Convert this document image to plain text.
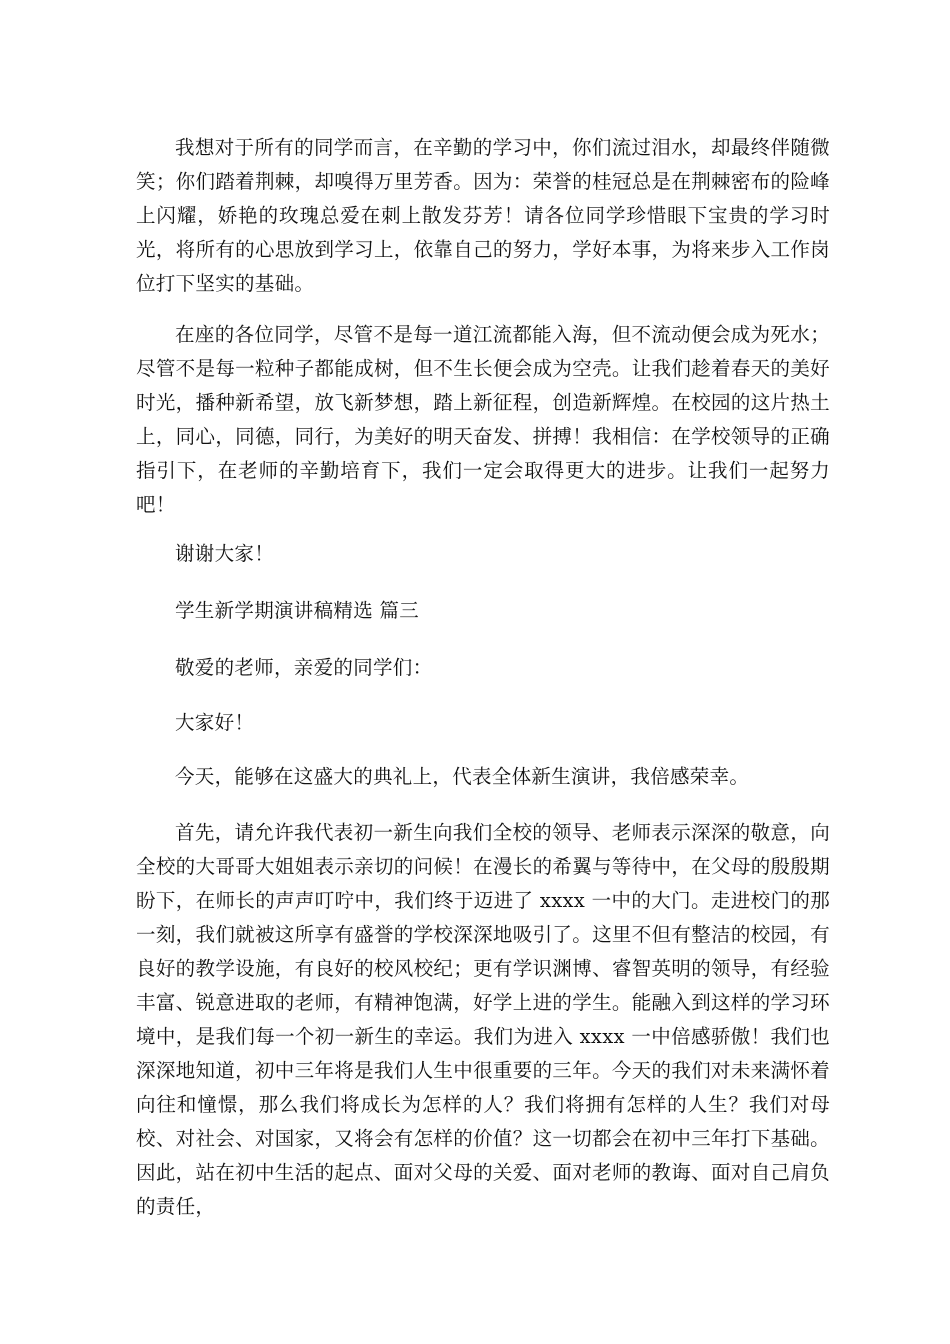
我想对于所有的同学而言，在辛勤的学习中，你们流过泪水，却最终伴随微笑；你们踏着荆棘，却嗅得万里芳香。因为：荣誉的桂冠总是在荆棘密布的险峰上闪耀，娇艳的玫瑰总爱在刺上散发芬芳！请各位同学珍惜眼下宝贵的学习时光，将所有的心思放到学习上，依靠自己的努力，学好本事，为将来步入工作岗位打下坚实的基础。

在座的各位同学，尽管不是每一道江流都能入海，但不流动便会成为死水；尽管不是每一粒种子都能成树，但不生长便会成为空壳。让我们趁着春天的美好时光，播种新希望，放飞新梦想，踏上新征程，创造新辉煌。在校园的这片热土上，同心，同德，同行，为美好的明天奋发、拼搏！我相信：在学校领导的正确指引下，在老师的辛勤培育下，我们一定会取得更大的进步。让我们一起努力吧！

谢谢大家！

学生新学期演讲稿精选 篇三

敬爱的老师，亲爱的同学们：

大家好！

今天，能够在这盛大的典礼上，代表全体新生演讲，我倍感荣幸。

首先，请允许我代表初一新生向我们全校的领导、老师表示深深的敬意，向全校的大哥哥大姐姐表示亲切的问候！在漫长的希翼与等待中，在父母的殷殷期盼下，在师长的声声叮咛中，我们终于迈进了 xxxx 一中的大门。走进校门的那一刻，我们就被这所享有盛誉的学校深深地吸引了。这里不但有整洁的校园，有良好的教学设施，有良好的校风校纪；更有学识渊博、睿智英明的领导，有经验丰富、锐意进取的老师，有精神饱满，好学上进的学生。能融入到这样的学习环境中，是我们每一个初一新生的幸运。我们为进入 xxxx 一中倍感骄傲！我们也深深地知道，初中三年将是我们人生中很重要的三年。今天的我们对未来满怀着向往和憧憬，那么我们将成长为怎样的人？我们将拥有怎样的人生？我们对母校、对社会、对国家，又将会有怎样的价值？这一切都会在初中三年打下基础。因此，站在初中生活的起点、面对父母的关爱、面对老师的教诲、面对自己肩负的责任，
